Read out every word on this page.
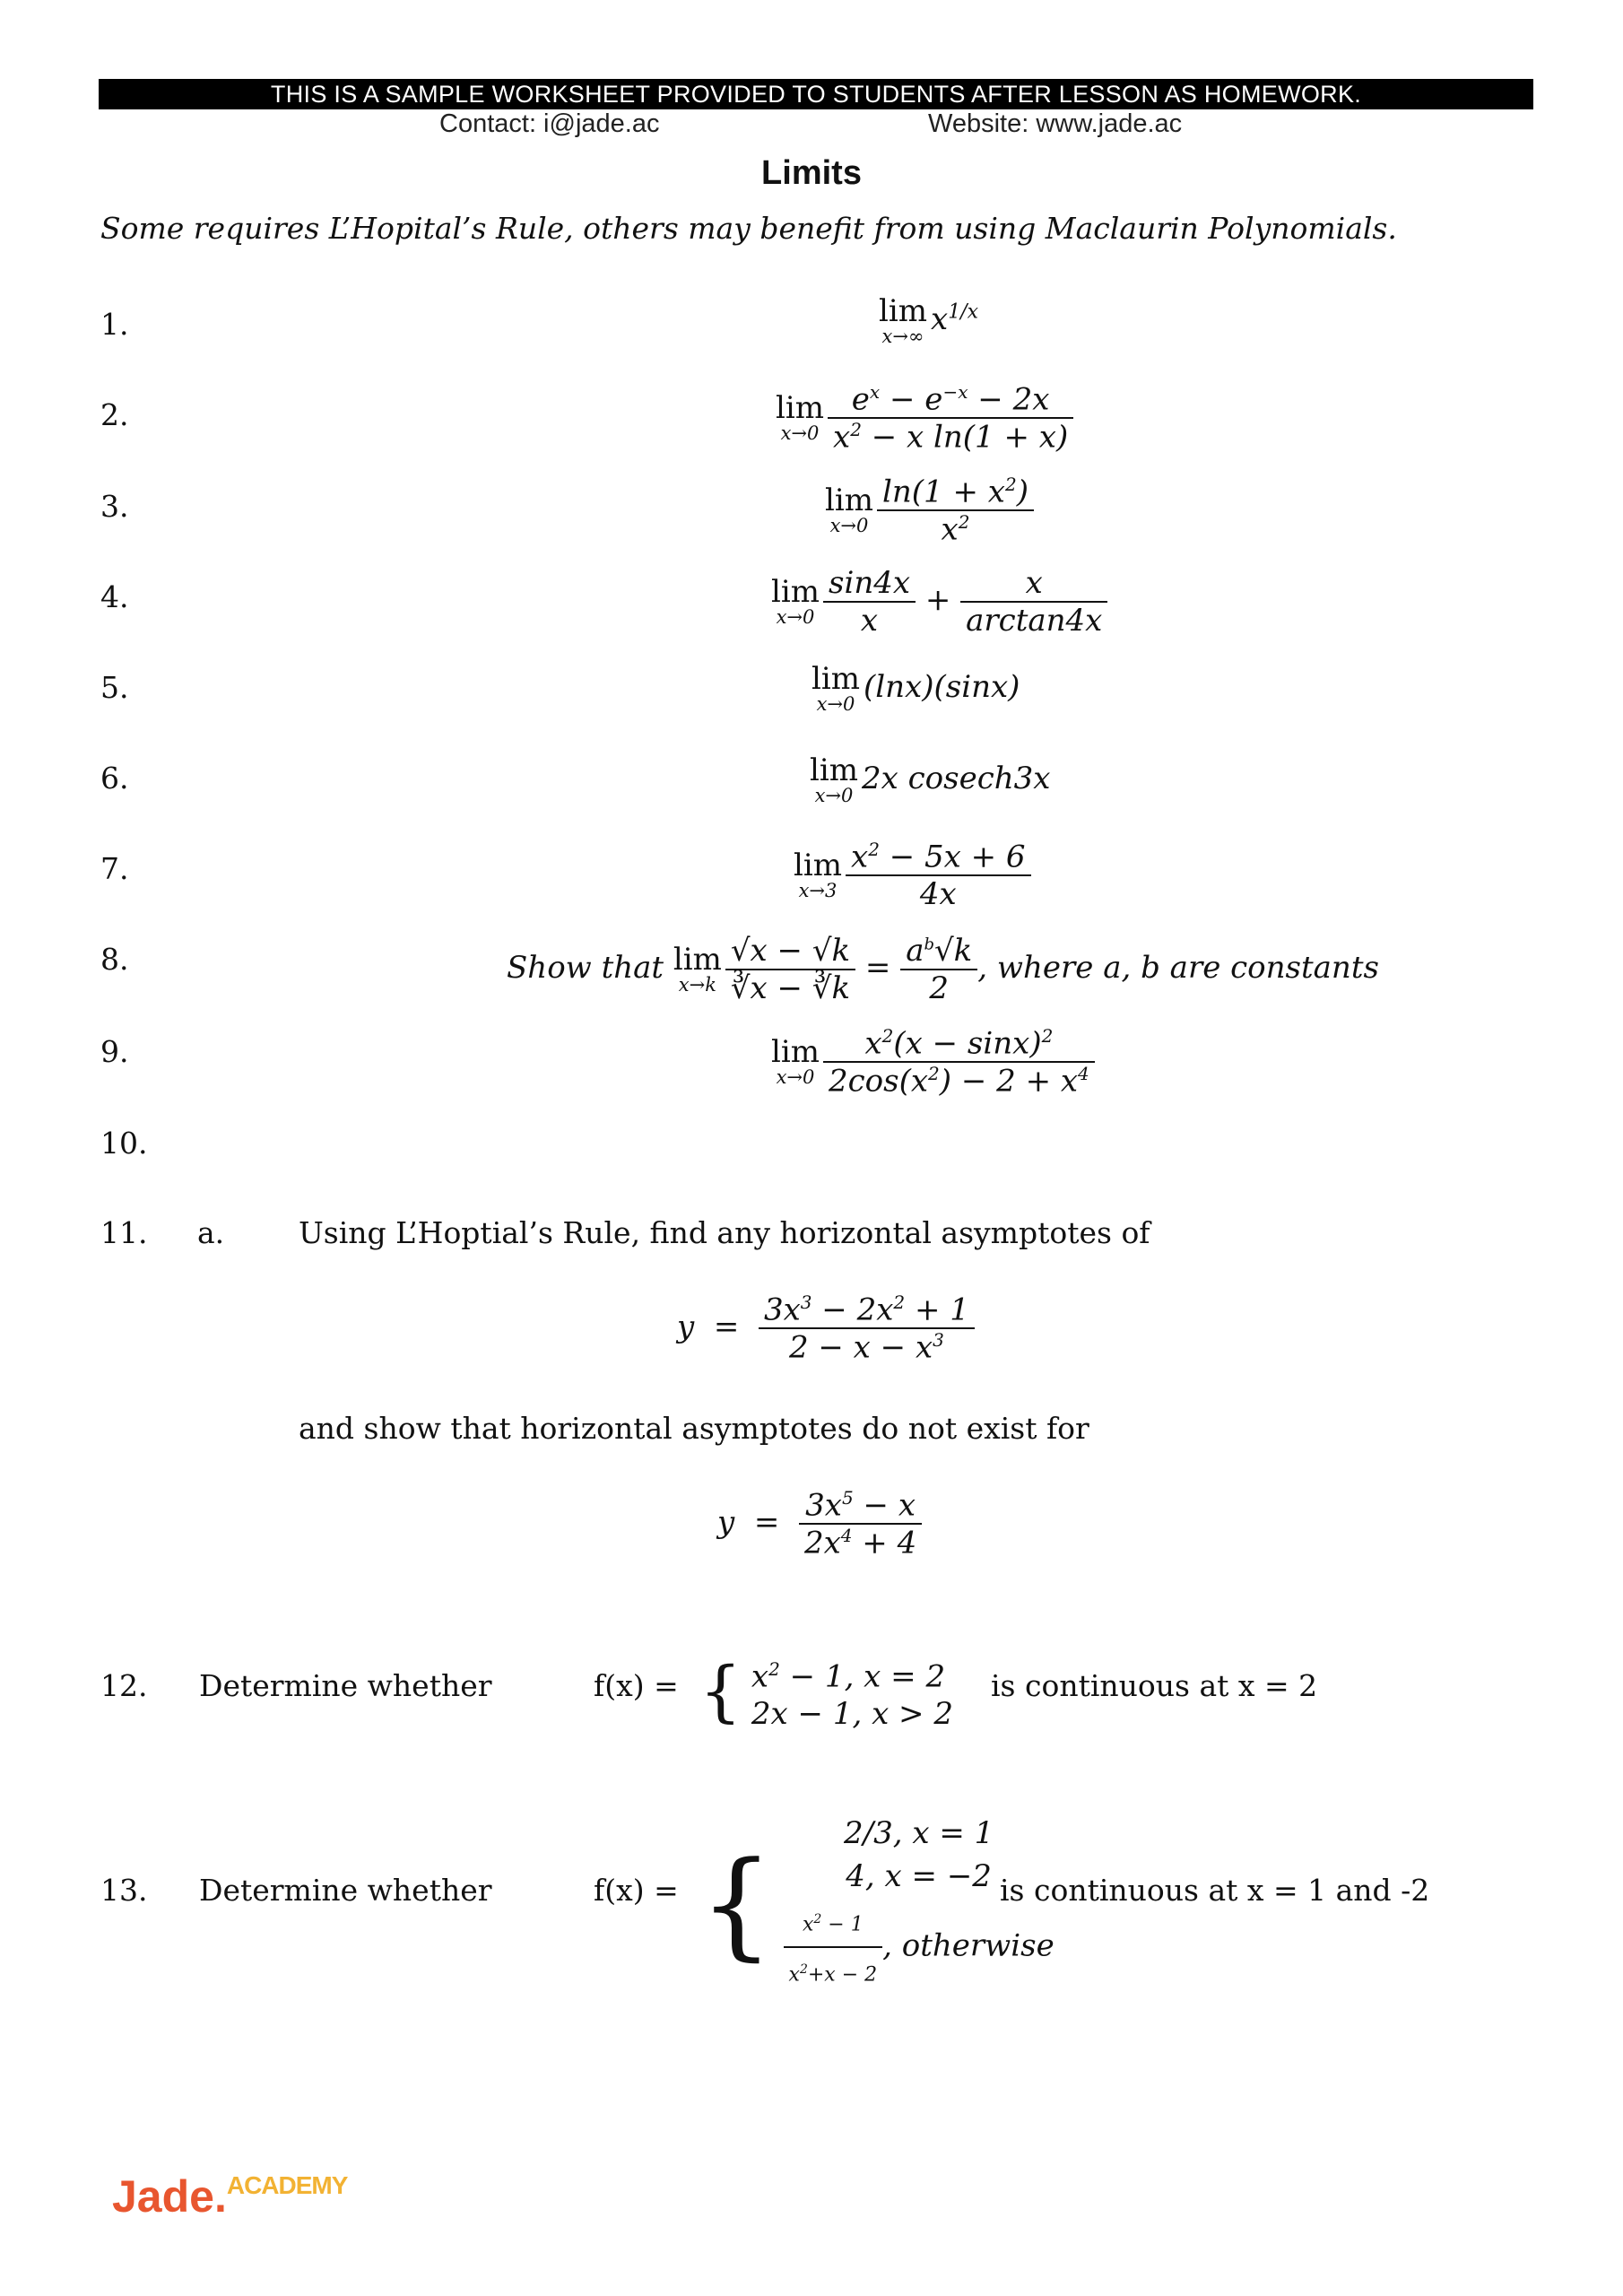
THIS IS A SAMPLE WORKSHEET PROVIDED TO STUDENTS AFTER LESSON AS HOMEWORK.
Contact: i@jade.ac	Website: www.jade.ac
Limits
Some requires L’Hopital’s Rule, others may benefit from using Maclaurin Polynomials.
1.
2.
3.
4.
5.
6.
7.
8.
9.
10.
11.
12.
13.
lim
x→∞ $x^{1/x}$
lim
$x\to 0 \frac{e^x - e^{-x} - 2x}{x^2 - x \ln(1 + x)}$
lim
$x\to 0 \frac{\ln(1 + x^2)}{x^2}$
lim
$x\to 0 \frac{\sin 4x}{x} + \frac{x}{\arctan 4x}$
lim
x→0 (lnx)(sinx)
lim
x→0 2x cosech3x
lim
$x\to 3 \frac{x^2 - 5x + 6}{4x}$
Show that lim
$x\to k \frac{√x - √k}{∛x - ∛k} = \frac{a^b√k}{2}$ , where a, b are constants
lim
$x\to 0 \frac{x^2(x - \sin x)^2}{2\cos(x^2) - 2 + x^4}$
a.	Using L’Hoptial’s Rule, find any horizontal asymptotes of
$y = \frac{3x^3 - 2x^2 + 1}{2 - x - x^3}$
and show that horizontal asymptotes do not exist for
$y = \frac{3x^5 - x}{2x^4 + 4}$
Determine whether	f(x) = { $x^2 - 1$, x = 2
2x − 1, x > 2
is continuous at x = 2
Determine whether	f(x) = {
2/3, x = 1
4, x = −2
$\frac{x^2 - 1}{x^2+x - 2}$ , otherwise
is continuous at x = 1 and -2
Jade.ACADEMY
